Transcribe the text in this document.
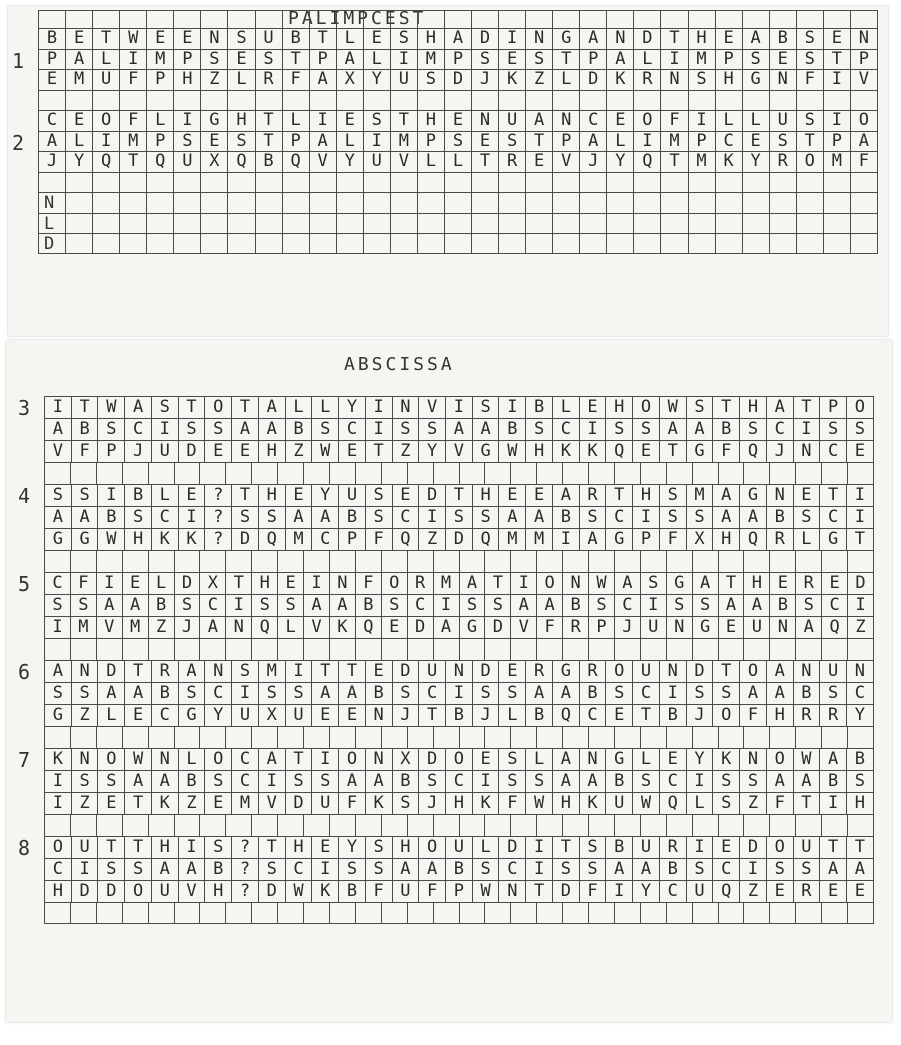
PALIMPCEST
B E T W E E N S U B T L E S H A D I N G A N D T H E A B S E N
P A L I M P S E S T P A L I M P S E S T P A L I M P S E S T P
1
E M U F P H Z L R F A X Y U S D J K Z L D K R N S H G N F I V
C E O F L I G H T L I E S T H E N U A N C E O F I L L U S I O
A L I M P S E S T P A L I M P S E S T P A L I M P C E S T P A
2
J Y Q T Q U X Q B Q V Y U V L L T R E V J Y Q T M K Y R O M F
N
L
D
ABSCISSA
3	I T W A S T O T A L L Y I N V I S I B L E H O W S T H A T P O
A B S C I S S A A B S C I S S A A B S C I S S A A B S C I S S
V F P J U D E E H Z W E T Z Y V G W H K K Q E T G F Q J N C E
4	S S I B L E ? T H E Y U S E D T H E E A R T H S M A G N E T I
A A B S C I ? S S A A B S C I S S A A B S C I S S A A B S C I
G G W H K K ? D Q M C P F Q Z D Q M M I A G P F X H Q R L G T
5	C F I E L D X T H E I N F O R M A T I O N W A S G A T H E R E D
S S A A B S C I S S A A B S C I S S A A B S C I S S A A B S C I
I M V M Z J A N Q L V K Q E D A G D V F R P J U N G E U N A Q Z
6	A N D T R A N S M I T T E D U N D E R G R O U N D T O A N U N
S S A A B S C I S S A A B S C I S S A A B S C I S S A A B S C
G Z L E C G Y U X U E E N J T B J L B Q C E T B J O F H R R Y
7	K N O W N L O C A T I O N X D O E S L A N G L E Y K N O W A B
I S S A A B S C I S S A A B S C I S S A A B S C I S S A A B S
I Z E T K Z E M V D U F K S J H K F W H K U W Q L S Z F T I H
8	O U T T H I S ? T H E Y S H O U L D I T S B U R I E D O U T T
C I S S A A B ? S C I S S A A B S C I S S A A B S C I S S A A
H D D O U V H ? D W K B F U F P W N T D F I Y C U Q Z E R E E
